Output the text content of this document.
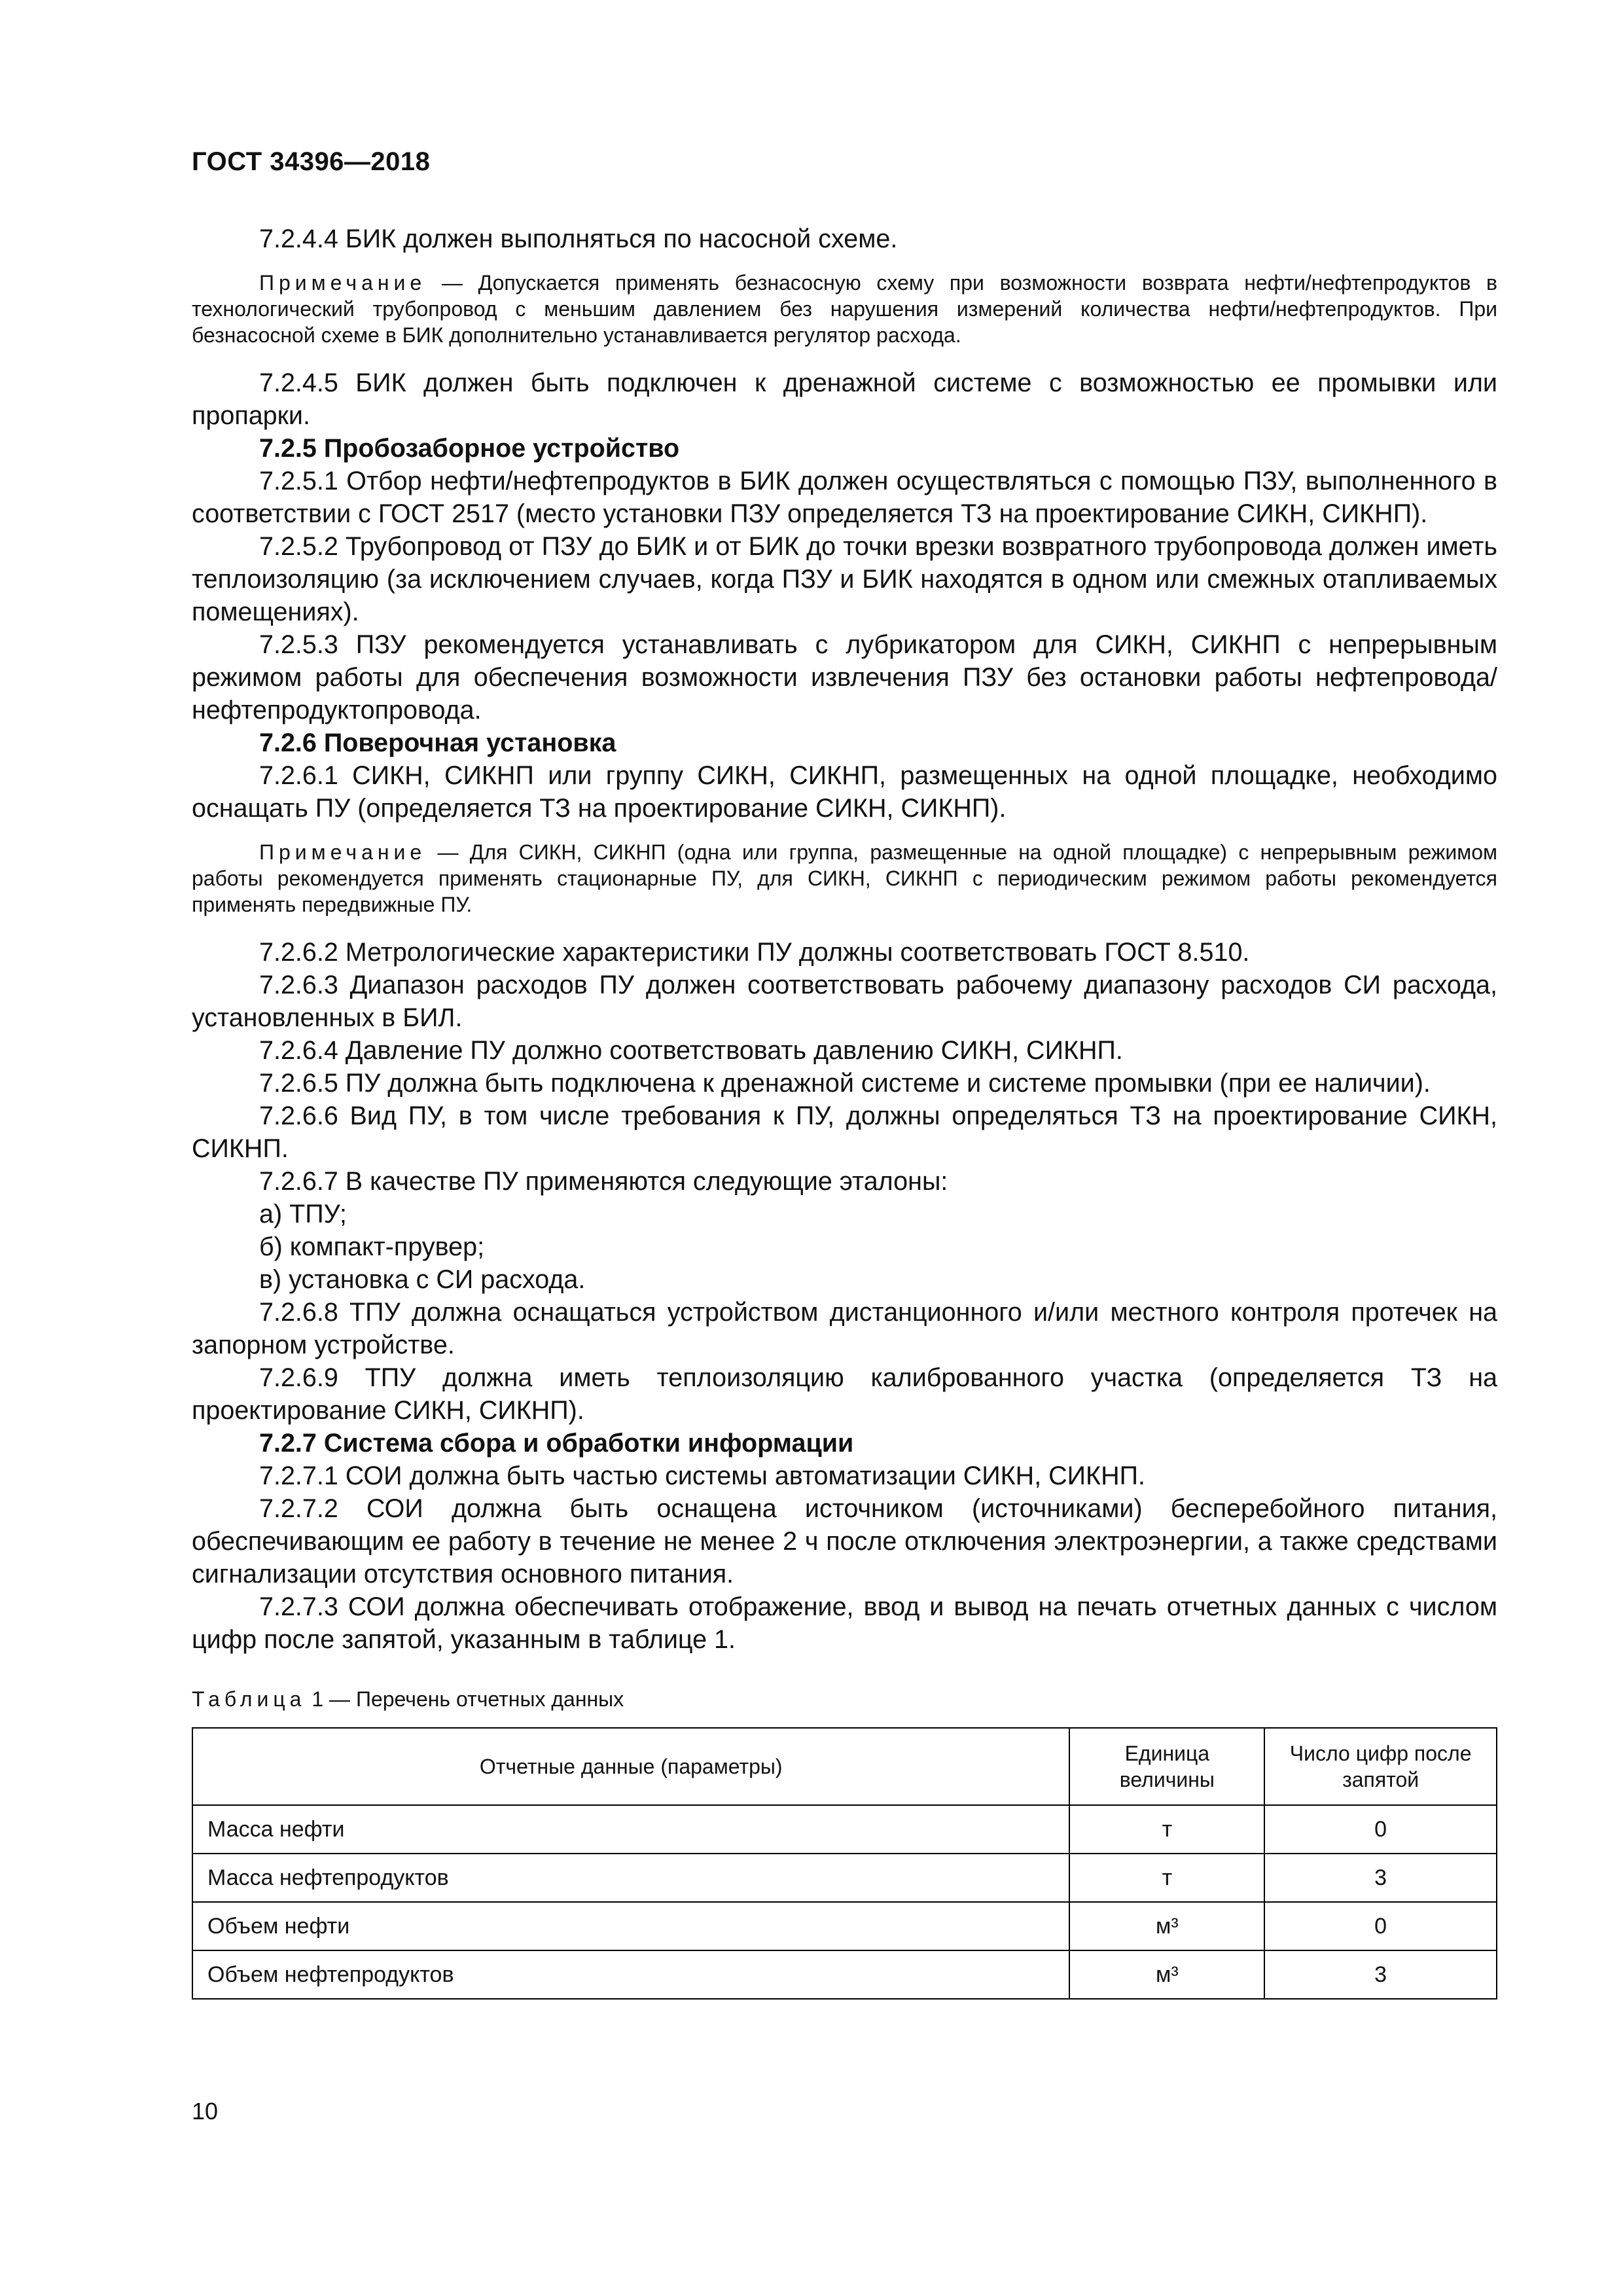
ГОСТ 34396—2018

7.2.4.4 БИК должен выполняться по насосной схеме.

Примечание — Допускается применять безнасосную схему при возможности возврата нефти/нефтепродуктов в технологический трубопровод с меньшим давлением без нарушения измерений количества нефти/нефтепродуктов. При безнасосной схеме в БИК дополнительно устанавливается регулятор расхода.

7.2.4.5 БИК должен быть подключен к дренажной системе с возможностью ее промывки или пропарки.

7.2.5 Пробозаборное устройство

7.2.5.1 Отбор нефти/нефтепродуктов в БИК должен осуществляться с помощью ПЗУ, выполненного в соответствии с ГОСТ 2517 (место установки ПЗУ определяется ТЗ на проектирование СИКН, СИКНП).

7.2.5.2 Трубопровод от ПЗУ до БИК и от БИК до точки врезки возвратного трубопровода должен иметь теплоизоляцию (за исключением случаев, когда ПЗУ и БИК находятся в одном или смежных отапливаемых помещениях).

7.2.5.3 ПЗУ рекомендуется устанавливать с лубрикатором для СИКН, СИКНП с непрерывным режимом работы для обеспечения возможности извлечения ПЗУ без остановки работы нефтепровода/нефтепродуктопровода.

7.2.6 Поверочная установка

7.2.6.1 СИКН, СИКНП или группу СИКН, СИКНП, размещенных на одной площадке, необходимо оснащать ПУ (определяется ТЗ на проектирование СИКН, СИКНП).

Примечание — Для СИКН, СИКНП (одна или группа, размещенные на одной площадке) с непрерывным режимом работы рекомендуется применять стационарные ПУ, для СИКН, СИКНП с периодическим режимом работы рекомендуется применять передвижные ПУ.

7.2.6.2 Метрологические характеристики ПУ должны соответствовать ГОСТ 8.510.

7.2.6.3 Диапазон расходов ПУ должен соответствовать рабочему диапазону расходов СИ расхода, установленных в БИЛ.

7.2.6.4 Давление ПУ должно соответствовать давлению СИКН, СИКНП.

7.2.6.5 ПУ должна быть подключена к дренажной системе и системе промывки (при ее наличии).

7.2.6.6 Вид ПУ, в том числе требования к ПУ, должны определяться ТЗ на проектирование СИКН, СИКНП.

7.2.6.7 В качестве ПУ применяются следующие эталоны:

а) ТПУ;

б) компакт-прувер;

в) установка с СИ расхода.

7.2.6.8 ТПУ должна оснащаться устройством дистанционного и/или местного контроля протечек на запорном устройстве.

7.2.6.9 ТПУ должна иметь теплоизоляцию калиброванного участка (определяется ТЗ на проектирование СИКН, СИКНП).

7.2.7 Система сбора и обработки информации

7.2.7.1 СОИ должна быть частью системы автоматизации СИКН, СИКНП.

7.2.7.2 СОИ должна быть оснащена источником (источниками) бесперебойного питания, обеспечивающим ее работу в течение не менее 2 ч после отключения электроэнергии, а также средствами сигнализации отсутствия основного питания.

7.2.7.3 СОИ должна обеспечивать отображение, ввод и вывод на печать отчетных данных с числом цифр после запятой, указанным в таблице 1.

Таблица 1 — Перечень отчетных данных
Отчетные данные (параметры)	Единица величины	Число цифр после запятой
Масса нефти	т	0
Масса нефтепродуктов	т	3
Объем нефти	м³	0
Объем нефтепродуктов	м³	3
10
